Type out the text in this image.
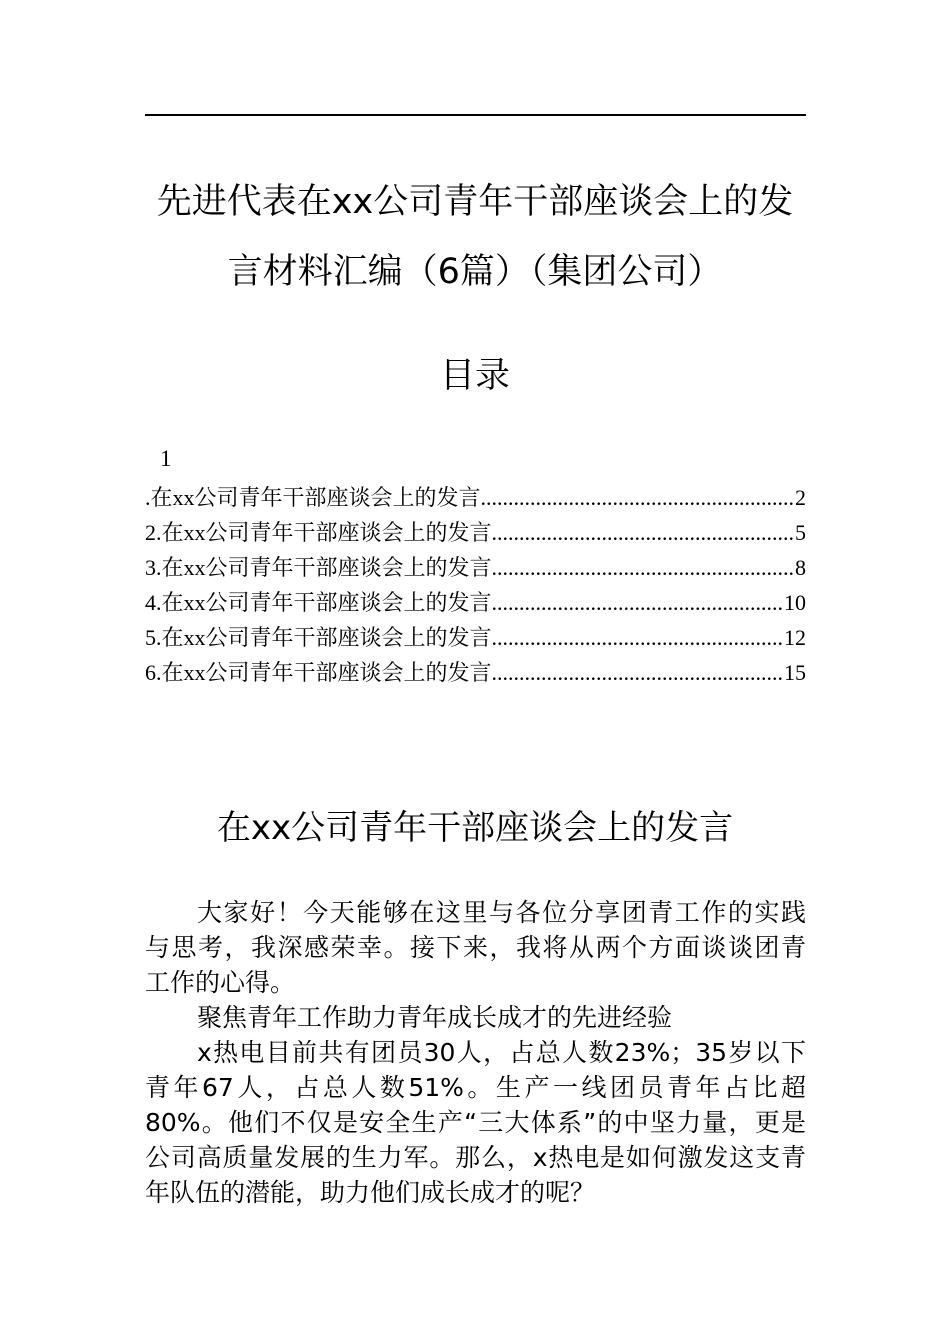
先进代表在xx公司青年干部座谈会上的发
言材料汇编（6篇）（集团公司）
目录
1
.在xx公司青年干部座谈会上的发言 .....	2
2.在xx公司青年干部座谈会上的发言 .....	5
3.在xx公司青年干部座谈会上的发言 .....	8
4.在xx公司青年干部座谈会上的发言 .....	10
5.在xx公司青年干部座谈会上的发言 .....	12
6.在xx公司青年干部座谈会上的发言 .....	15
在xx公司青年干部座谈会上的发言
大家好！今天能够在这里与各位分享团青工作的实践
与思考，我深感荣幸。接下来，我将从两个方面谈谈团青
工作的心得。
聚焦青年工作助力青年成长成才的先进经验
x热电目前共有团员30人，占总人数23%；35岁以下
青年67人，占总人数51%。生产一线团员青年占比超
80%。他们不仅是安全生产“三大体系”的中坚力量，更是
公司高质量发展的生力军。那么，x热电是如何激发这支青
年队伍的潜能，助力他们成长成才的呢？
